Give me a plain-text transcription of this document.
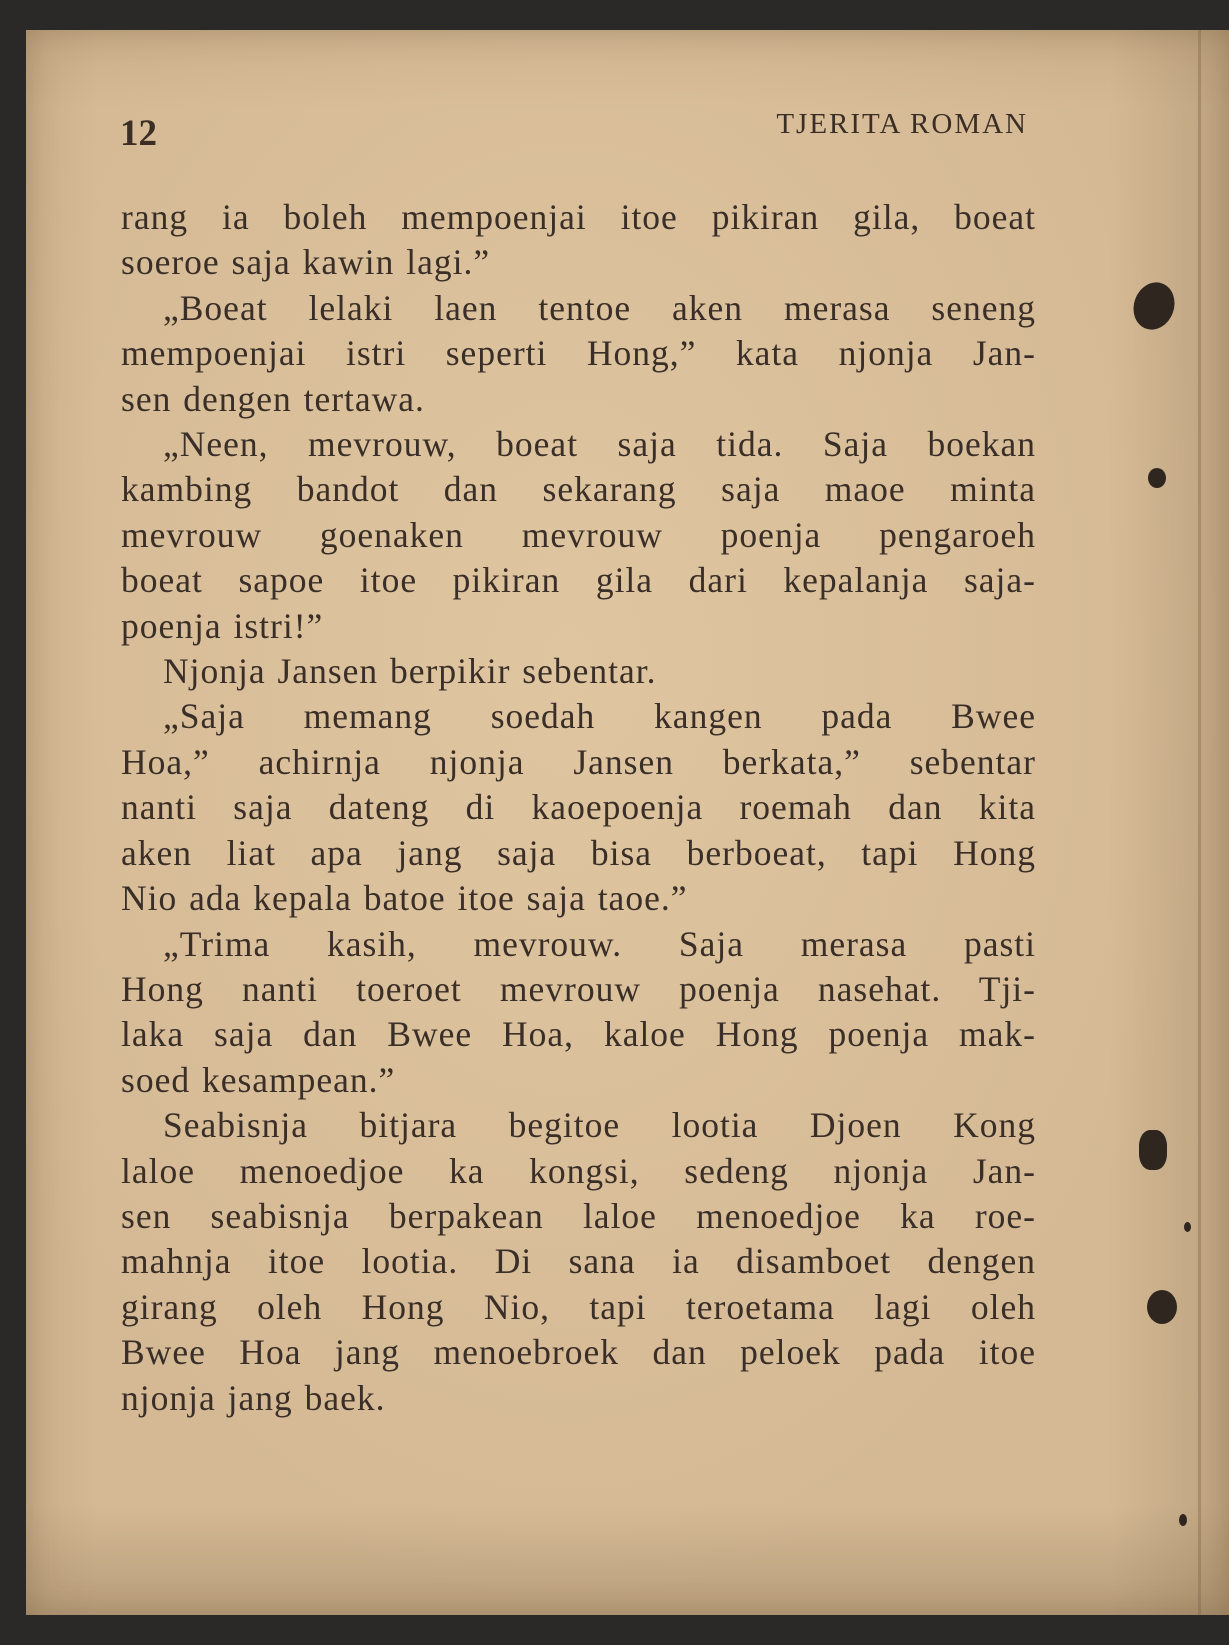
12	TJERITA ROMAN

rang ia boleh mempoenjai itoe pikiran gila, boeat
soeroe saja kawin lagi.”
„Boeat lelaki laen tentoe aken merasa seneng
mempoenjai istri seperti Hong,” kata njonja Jan-
sen dengen tertawa.
„Neen, mevrouw, boeat saja tida. Saja boekan
kambing bandot dan sekarang saja maoe minta
mevrouw goenaken mevrouw poenja pengaroeh
boeat sapoe itoe pikiran gila dari kepalanja saja-
poenja istri!”
Njonja Jansen berpikir sebentar.
„Saja memang soedah kangen pada Bwee
Hoa,” achirnja njonja Jansen berkata,” sebentar
nanti saja dateng di kaoepoenja roemah dan kita
aken liat apa jang saja bisa berboeat, tapi Hong
Nio ada kepala batoe itoe saja taoe.”
„Trima kasih, mevrouw. Saja merasa pasti
Hong nanti toeroet mevrouw poenja nasehat. Tji-
laka saja dan Bwee Hoa, kaloe Hong poenja mak-
soed kesampean.”
Seabisnja bitjara begitoe lootia Djoen Kong
laloe menoedjoe ka kongsi, sedeng njonja Jan-
sen seabisnja berpakean laloe menoedjoe ka roe-
mahnja itoe lootia. Di sana ia disamboet dengen
girang oleh Hong Nio, tapi teroetama lagi oleh
Bwee Hoa jang menoebroek dan peloek pada itoe
njonja jang baek.
